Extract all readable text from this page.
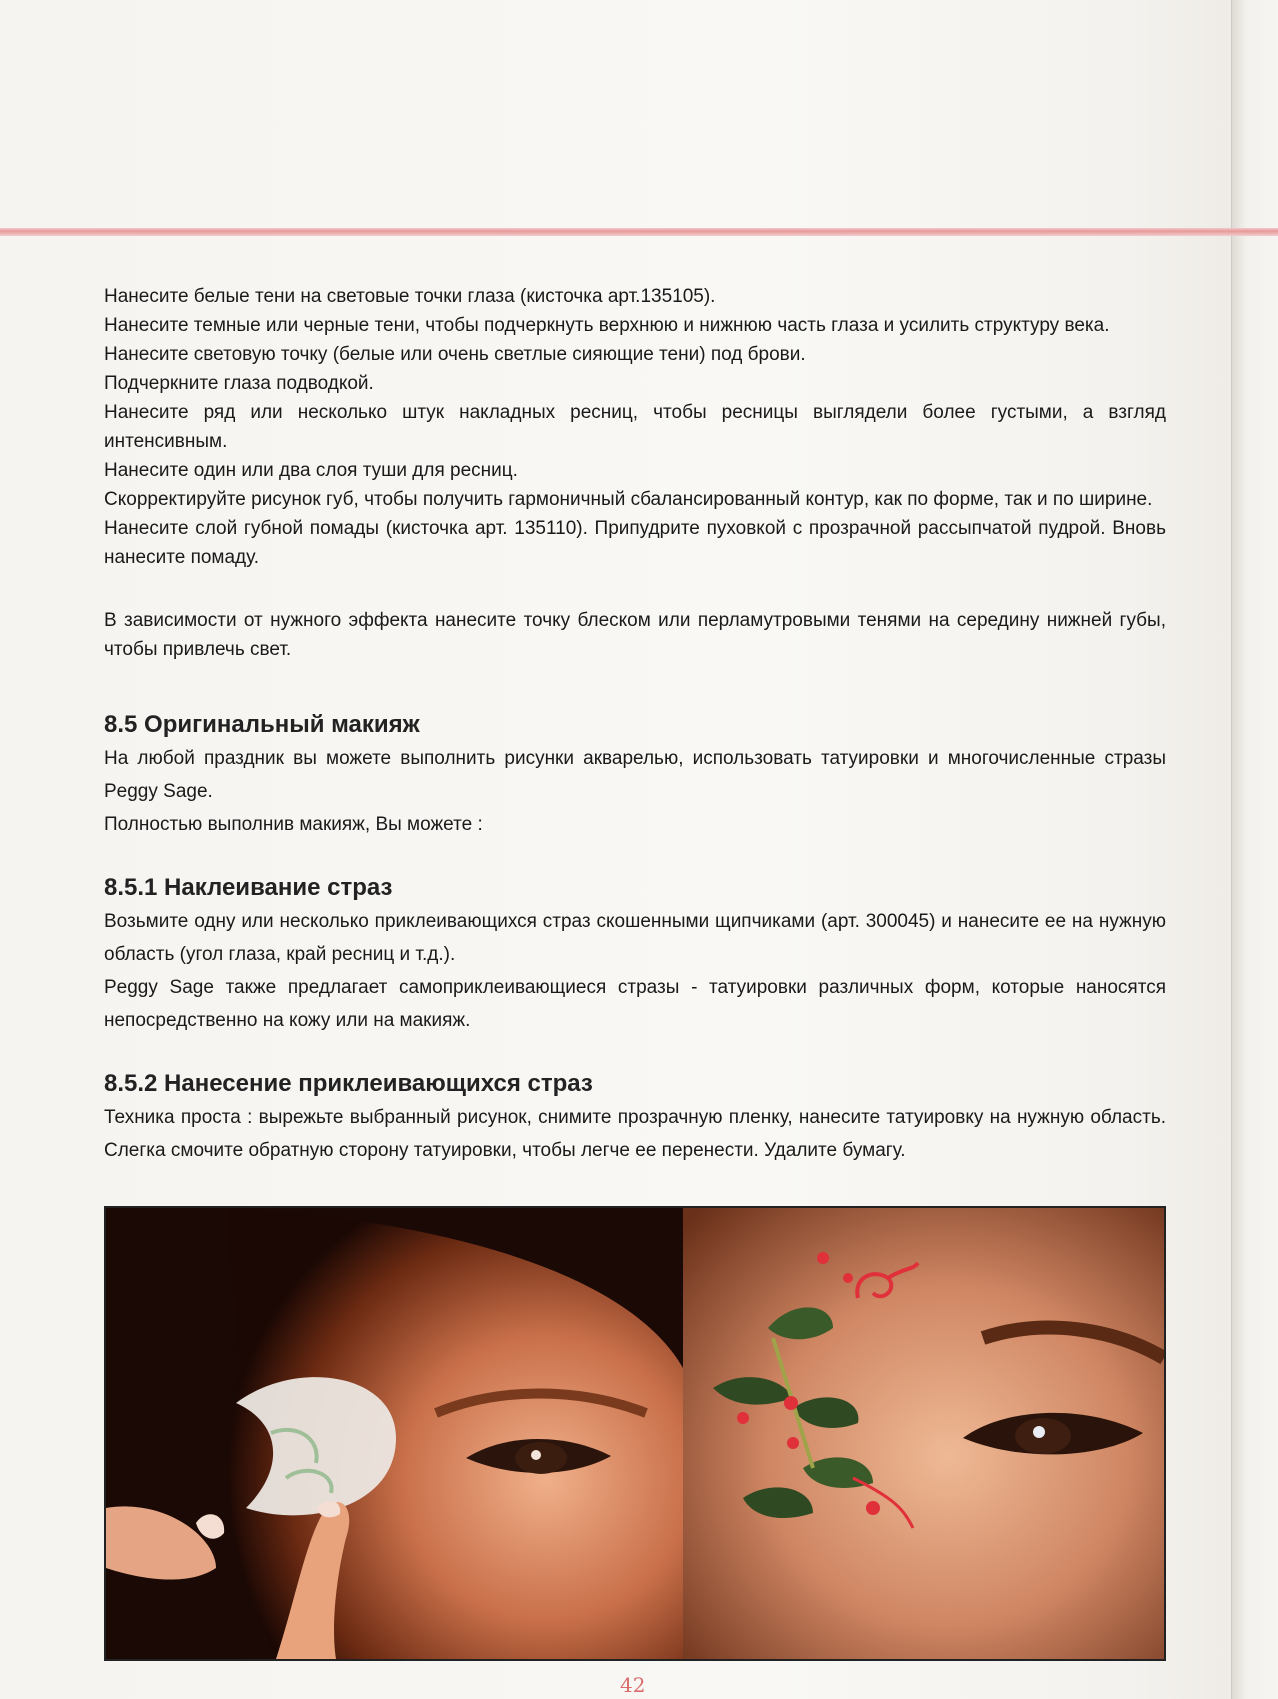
Нанесите белые тени на световые точки глаза (кисточка арт.135105).

Нанесите темные или черные тени, чтобы подчеркнуть верхнюю и нижнюю часть глаза и усилить структуру века.

Нанесите световую точку (белые или очень светлые сияющие тени) под брови.

Подчеркните глаза подводкой.

Нанесите ряд или несколько штук накладных ресниц, чтобы ресницы выглядели более густыми, а взгляд интенсивным.

Нанесите один или два слоя туши для ресниц.

Скорректируйте рисунок губ, чтобы получить гармоничный сбалансированный контур, как по форме, так и по ширине.

Нанесите слой губной помады (кисточка арт. 135110). Припудрите пуховкой с прозрачной рассыпчатой пудрой. Вновь нанесите помаду.

В зависимости от нужного эффекта нанесите точку блеском или перламутровыми тенями на середину нижней губы, чтобы привлечь свет.

8.5 Оригинальный макияж

На любой праздник вы можете выполнить рисунки акварелью, использовать татуировки и многочисленные стразы Peggy Sage.

Полностью выполнив макияж, Вы можете :

8.5.1 Наклеивание страз

Возьмите одну или несколько приклеивающихся страз скошенными щипчиками (арт. 300045) и нанесите ее на нужную область (угол глаза, край ресниц и т.д.).

Peggy Sage также предлагает самоприклеивающиеся стразы - татуировки различных форм, которые наносятся непосредственно на кожу или на макияж.

8.5.2 Нанесение приклеивающихся страз

Техника проста : вырежьте выбранный рисунок, снимите прозрачную пленку, нанесите татуировку на нужную область. Слегка смочите обратную сторону татуировки, чтобы легче ее перенести. Удалите бумагу.

42
